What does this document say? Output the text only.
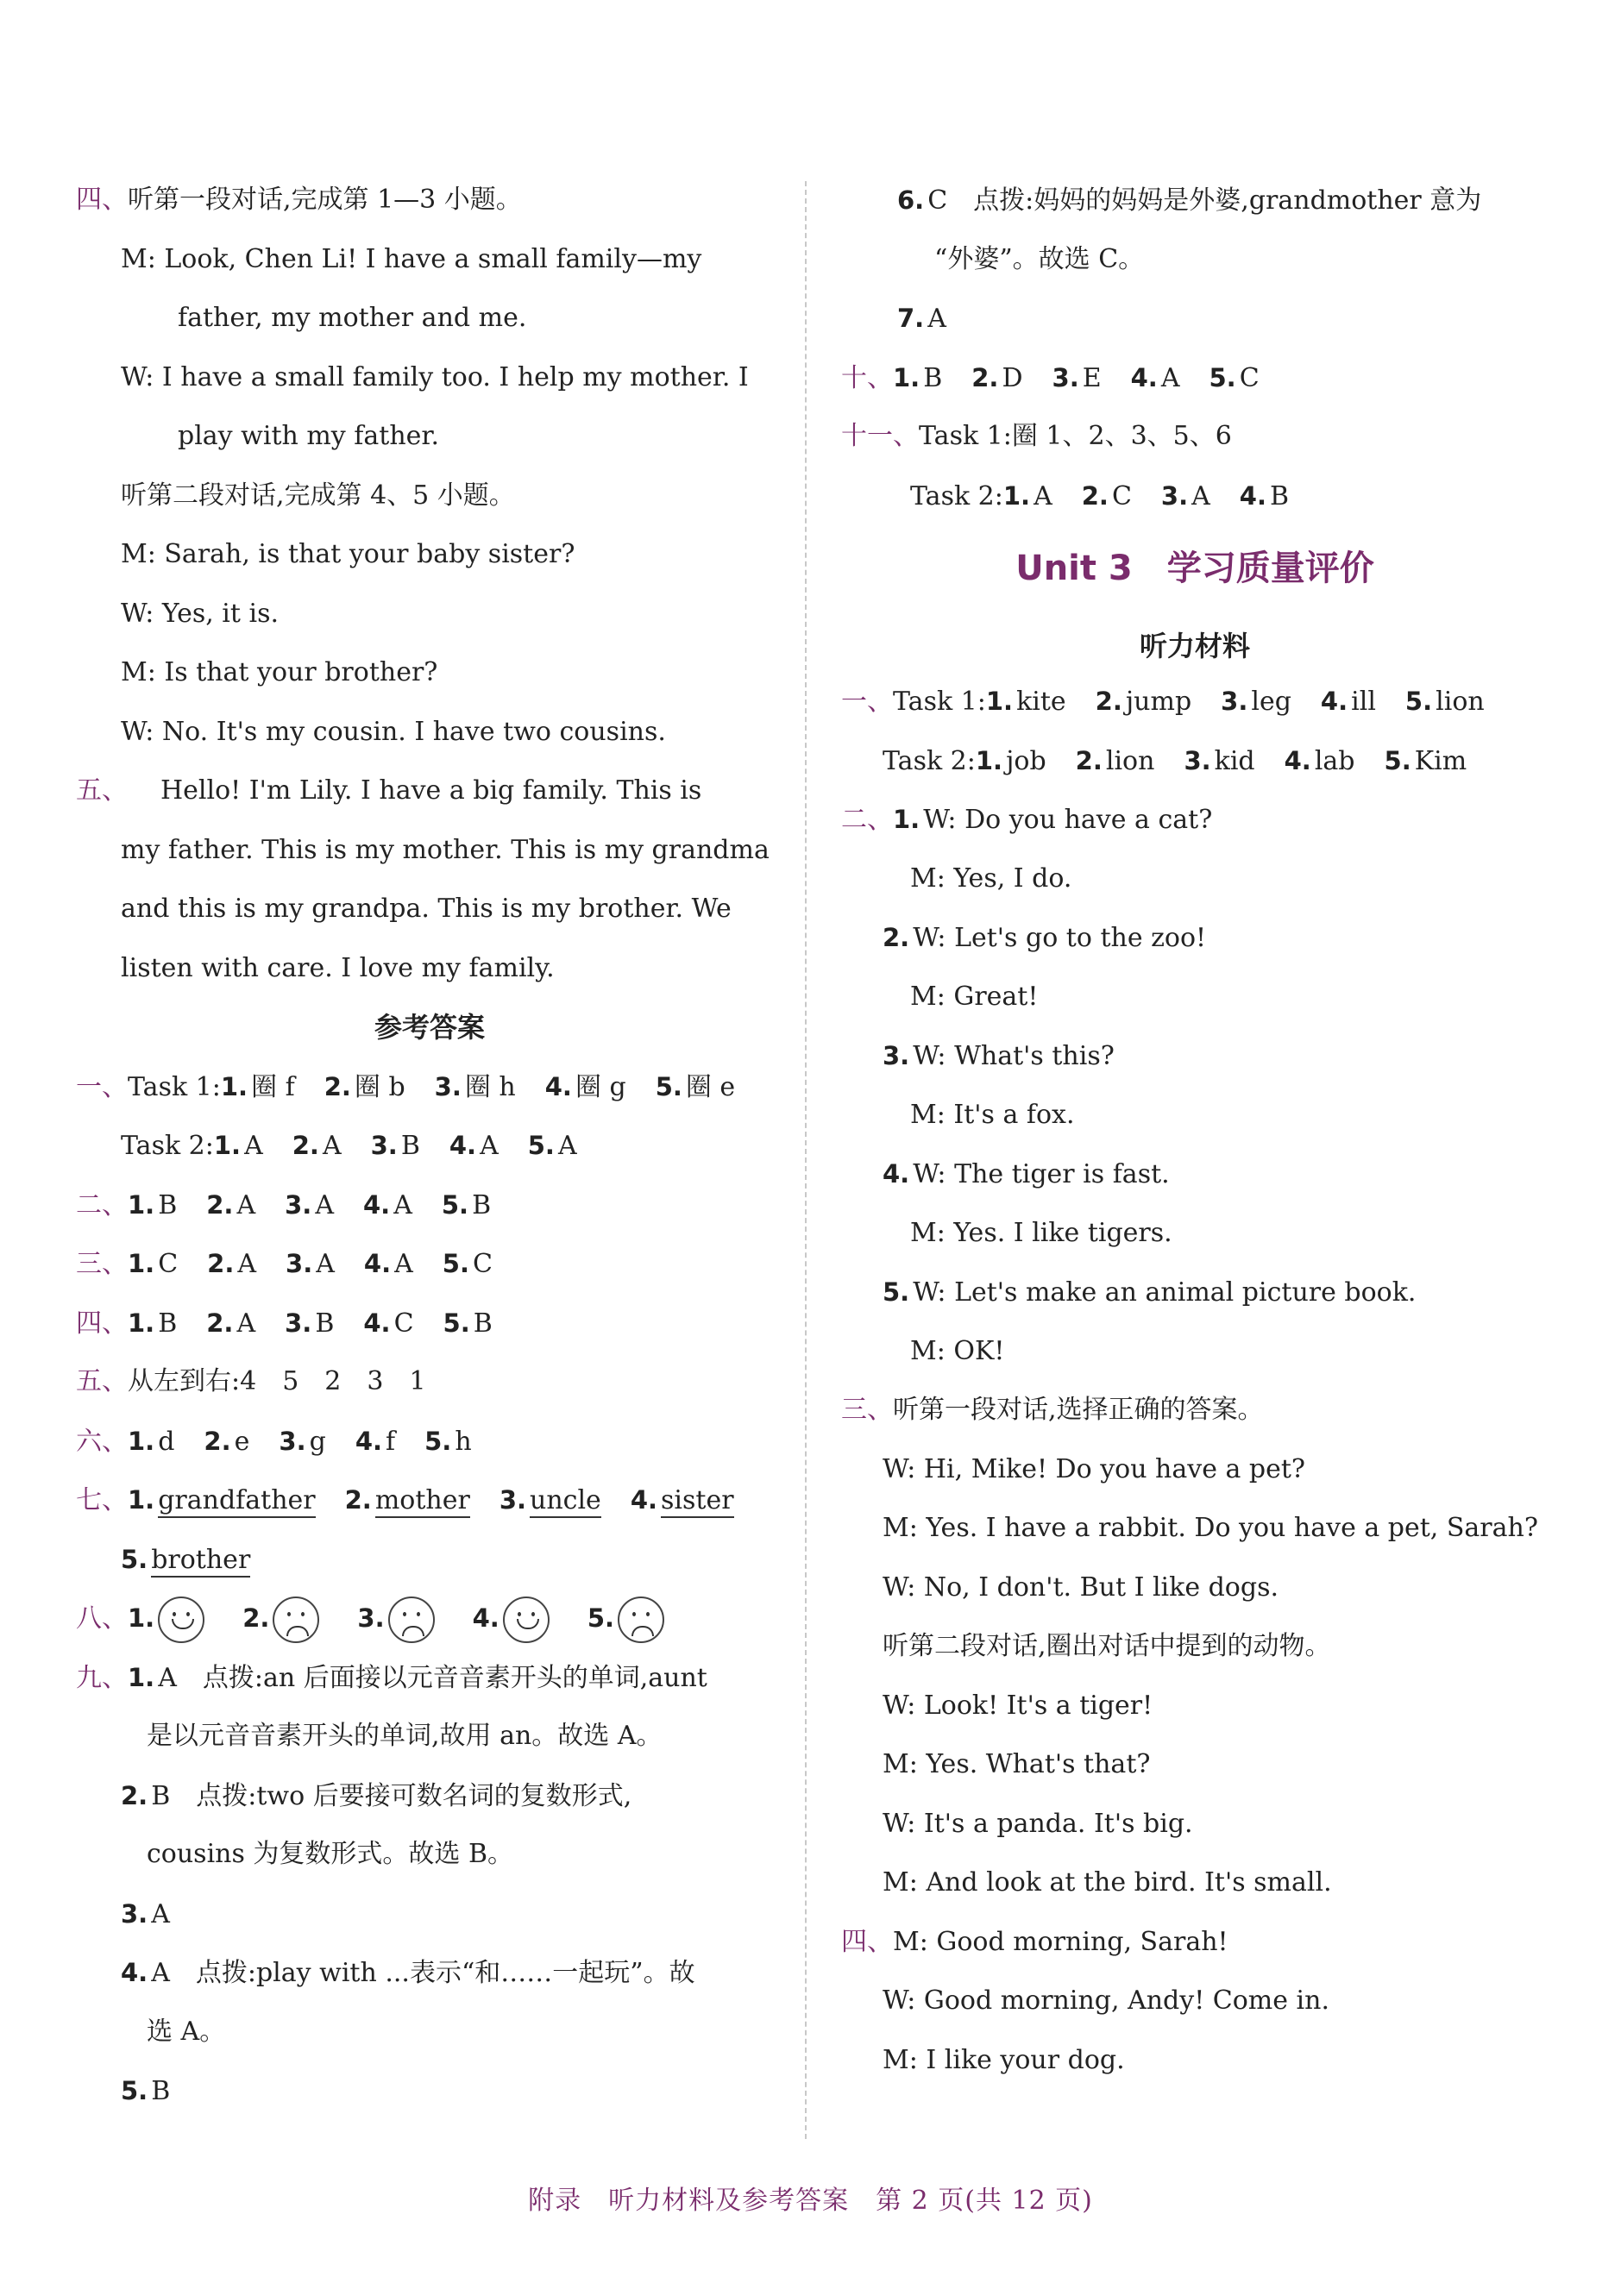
四、听第一段对话,完成第 1—3 小题。
M: Look, Chen Li! I have a small family—my
father, my mother and me.
W: I have a small family too. I help my mother. I
play with my father.
听第二段对话,完成第 4、5 小题。
M: Sarah, is that your baby sister?
W: Yes, it is.
M: Is that your brother?
W: No. It's my cousin. I have two cousins.
五、 Hello! I'm Lily. I have a big family. This is
my father. This is my mother. This is my grandma
and this is my grandpa. This is my brother. We
listen with care. I love my family.
参考答案
一、Task 1:1. 圈 f 2. 圈 b 3. 圈 h 4. 圈 g 5. 圈 e
Task 2:1. A 2. A 3. B 4. A 5. A
二、1. B 2. A 3. A 4. A 5. B
三、1. C 2. A 3. A 4. A 5. C
四、1. B 2. A 3. B 4. C 5. B
五、从左到右:4　5　2　3　1
六、1. d 2. e 3. g 4. f 5. h
七、1. grandfather 2. mother 3. uncle 4. sister
5. brother
八、1.	2.	3.	4.	5.
九、1. A　 点拨:an 后面接以元音音素开头的单词,aunt
是以元音音素开头的单词,故用 an。故选 A。
2. B　 点拨:two 后要接可数名词的复数形式,
cousins 为复数形式。故选 B。
3. A
4. A　 点拨:play with ...表示“和……一起玩”。故
选 A。
5. B
6. C　 点拨:妈妈的妈妈是外婆,grandmother 意为
“外婆”。故选 C。
7. A
十、1. B 2. D 3. E 4. A 5. C
十一、Task 1:圈 1、2、3、5、6
Task 2:1. A 2. C 3. A 4. B
Unit 3　学习质量评价
听力材料
一、Task 1:1. kite 2. jump 3. leg 4. ill 5. lion
Task 2:1. job 2. lion 3. kid 4. lab 5. Kim
二、1. W: Do you have a cat?
M: Yes, I do.
2. W: Let's go to the zoo!
M: Great!
3. W: What's this?
M: It's a fox.
4. W: The tiger is fast.
M: Yes. I like tigers.
5. W: Let's make an animal picture book.
M: OK!
三、听第一段对话,选择正确的答案。
W: Hi, Mike! Do you have a pet?
M: Yes. I have a rabbit. Do you have a pet, Sarah?
W: No, I don't. But I like dogs.
听第二段对话,圈出对话中提到的动物。
W: Look! It's a tiger!
M: Yes. What's that?
W: It's a panda. It's big.
M: And look at the bird. It's small.
四、M: Good morning, Sarah!
W: Good morning, Andy! Come in.
M: I like your dog.
附录　听力材料及参考答案　第 2 页(共 12 页)
